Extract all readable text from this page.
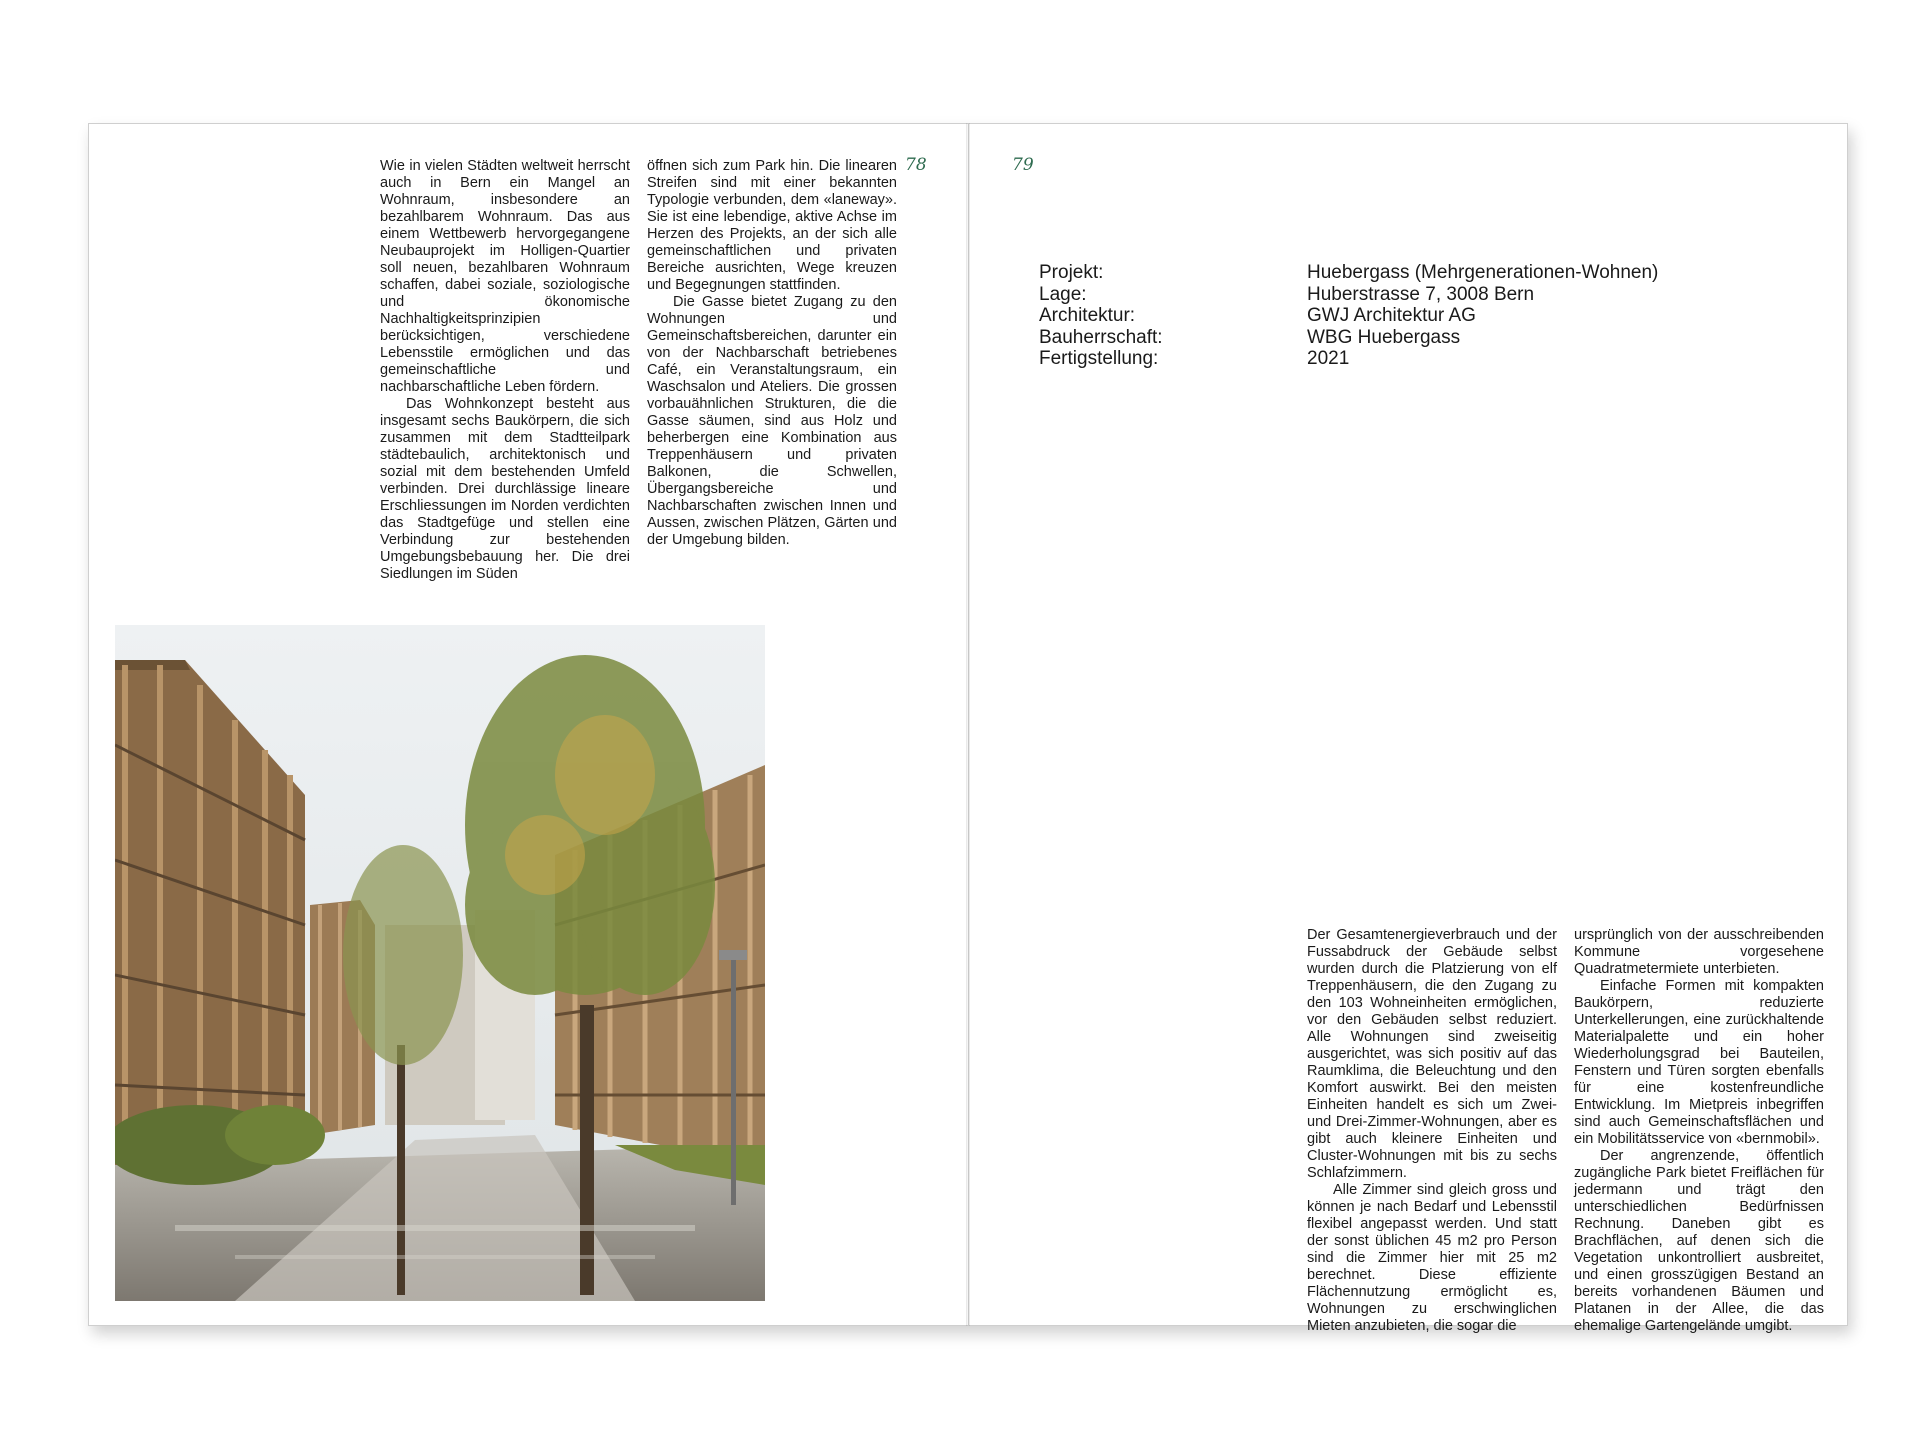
78	79

Wie in vielen Städten weltweit herrscht auch in Bern ein Mangel an Wohnraum, insbesondere an bezahlbarem Wohnraum. Das aus einem Wettbewerb hervorgegangene Neubauprojekt im Holligen-Quartier soll neuen, bezahlbaren Wohnraum schaffen, dabei soziale, soziologische und ökonomische Nachhaltigkeitsprinzipien berücksichtigen, verschiedene Lebensstile ermöglichen und das gemeinschaftliche und nachbarschaftliche Leben fördern.

Das Wohnkonzept besteht aus insgesamt sechs Baukörpern, die sich zusammen mit dem Stadtteilpark städtebaulich, architektonisch und sozial mit dem bestehenden Umfeld verbinden. Drei durchlässige lineare Erschliessungen im Norden verdichten das Stadtgefüge und stellen eine Verbindung zur bestehenden Umgebungsbebauung her. Die drei Siedlungen im Süden

öffnen sich zum Park hin. Die linearen Streifen sind mit einer bekannten Typologie verbunden, dem «laneway». Sie ist eine lebendige, aktive Achse im Herzen des Projekts, an der sich alle gemeinschaftlichen und privaten Bereiche ausrichten, Wege kreuzen und Begegnungen stattfinden.

Die Gasse bietet Zugang zu den Wohnungen und Gemeinschaftsbereichen, darunter ein von der Nachbarschaft betriebenes Café, ein Veranstaltungsraum, ein Waschsalon und Ateliers. Die grossen vorbauähnlichen Strukturen, die die Gasse säumen, sind aus Holz und beherbergen eine Kombination aus Treppenhäusern und privaten Balkonen, die Schwellen, Übergangsbereiche und Nachbarschaften zwischen Innen und Aussen, zwischen Plätzen, Gärten und der Umgebung bilden.

Projekt:	Huebergass (Mehrgenerationen-Wohnen)
Lage:	Huberstrasse 7, 3008 Bern
Architektur:	GWJ Architektur AG
Bauherrschaft:	WBG Huebergass
Fertigstellung:	2021

Der Gesamtenergieverbrauch und der Fussabdruck der Gebäude selbst wurden durch die Platzierung von elf Treppenhäusern, die den Zugang zu den 103 Wohneinheiten ermöglichen, vor den Gebäuden selbst reduziert. Alle Wohnungen sind zweiseitig ausgerichtet, was sich positiv auf das Raumklima, die Beleuchtung und den Komfort auswirkt. Bei den meisten Einheiten handelt es sich um Zwei- und Drei-Zimmer-Wohnungen, aber es gibt auch kleinere Einheiten und Cluster-Wohnungen mit bis zu sechs Schlafzimmern.

Alle Zimmer sind gleich gross und können je nach Bedarf und Lebensstil flexibel angepasst werden. Und statt der sonst üblichen 45 m2 pro Person sind die Zimmer hier mit 25 m2 berechnet. Diese effiziente Flächennutzung ermöglicht es, Wohnungen zu erschwinglichen Mieten anzubieten, die sogar die

ursprünglich von der ausschreibenden Kommune vorgesehene Quadratmetermiete unterbieten.

Einfache Formen mit kompakten Baukörpern, reduzierte Unterkellerungen, eine zurückhaltende Materialpalette und ein hoher Wiederholungsgrad bei Bauteilen, Fenstern und Türen sorgten ebenfalls für eine kostenfreundliche Entwicklung. Im Mietpreis inbegriffen sind auch Gemeinschaftsflächen und ein Mobilitätsservice von «bernmobil».

Der angrenzende, öffentlich zugängliche Park bietet Freiflächen für jedermann und trägt den unterschiedlichen Bedürfnissen Rechnung. Daneben gibt es Brachflächen, auf denen sich die Vegetation unkontrolliert ausbreitet, und einen grosszügigen Bestand an bereits vorhandenen Bäumen und Platanen in der Allee, die das ehemalige Gartengelände umgibt.
